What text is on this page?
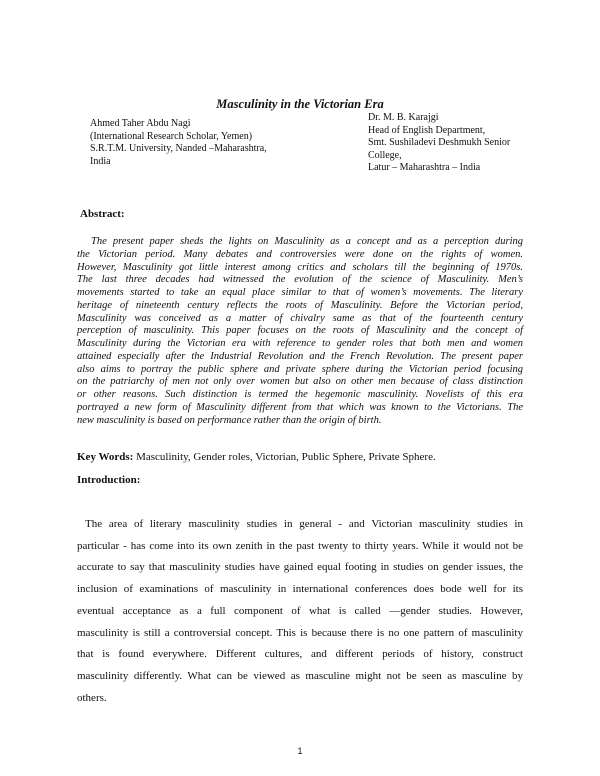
Masculinity in the Victorian Era
Ahmed Taher Abdu Nagi
(International Research Scholar, Yemen)
S.R.T.M. University, Nanded –Maharashtra,
India
Dr. M. B. Karajgi
Head of English Department,
Smt. Sushiladevi Deshmukh Senior
College,
Latur – Maharashtra – India
Abstract:
The present paper sheds the lights on Masculinity as a concept and as a perception during
the Victorian period. Many debates and controversies were done on the rights of women.
However, Masculinity got little interest among critics and scholars till the beginning of 1970s.
The last three decades had witnessed the evolution of the science of Masculinity. Men’s
movements started to take an equal place similar to that of women’s movements. The literary
heritage of nineteenth century reflects the roots of Masculinity. Before the Victorian period,
Masculinity was conceived as a matter of chivalry same as that of the fourteenth century
perception of masculinity. This paper focuses on the roots of Masculinity and the concept of
Masculinity during the Victorian era with reference to gender roles that both men and women
attained especially after the Industrial Revolution and the French Revolution. The present paper
also aims to portray the public sphere and private sphere during the Victorian period focusing
on the patriarchy of men not only over women but also on other men because of class distinction
or other reasons. Such distinction is termed the hegemonic masculinity. Novelists of this era
portrayed a new form of Masculinity different from that which was known to the Victorians. The
new masculinity is based on performance rather than the origin of birth.
Key Words: Masculinity, Gender roles, Victorian, Public Sphere, Private Sphere.
Introduction:
The area of literary masculinity studies in general - and Victorian masculinity studies in
particular - has come into its own zenith in the past twenty to thirty years. While it would not be
accurate to say that masculinity studies have gained equal footing in studies on gender issues, the
inclusion of examinations of masculinity in international conferences does bode well for its
eventual acceptance as a full component of what is called ―gender studies. However,
masculinity is still a controversial concept. This is because there is no one pattern of masculinity
that is found everywhere. Different cultures, and different periods of history, construct
masculinity differently. What can be viewed as masculine might not be seen as masculine by
others.
1
